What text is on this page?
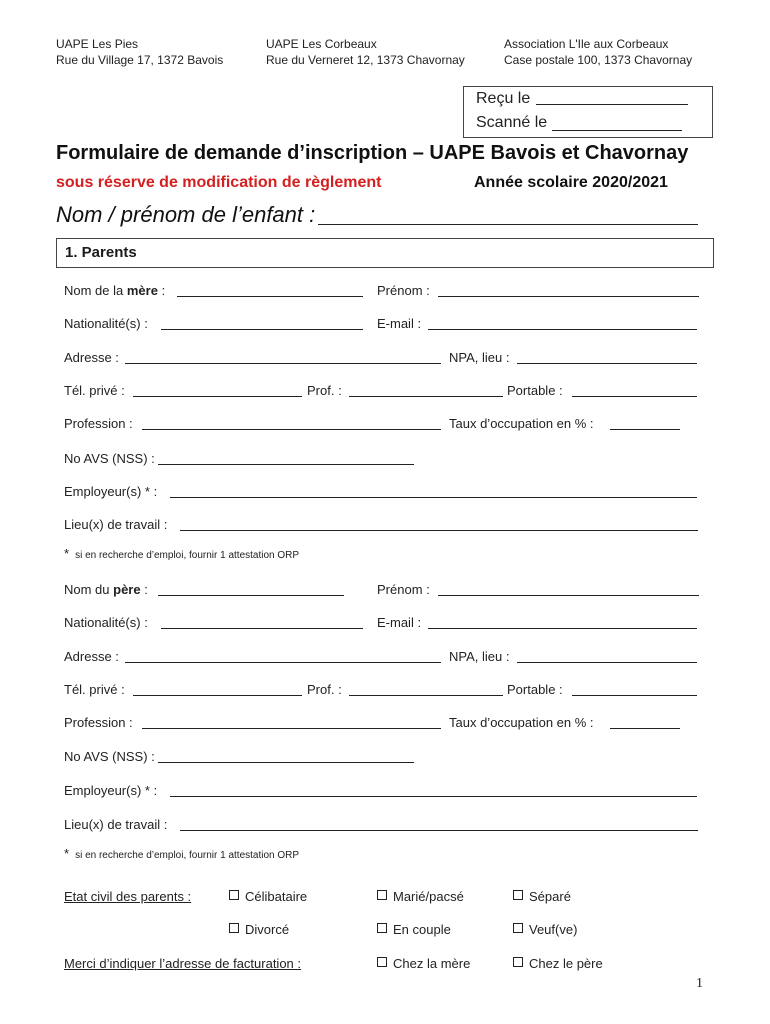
UAPE Les Pies
Rue du Village 17, 1372 Bavois
UAPE Les Corbeaux
Rue du Verneret 12, 1373 Chavornay
Association L'Ile aux Corbeaux
Case postale 100, 1373 Chavornay
Reçu le
Scanné le
Formulaire de demande d’inscription – UAPE Bavois et Chavornay
sous réserve de modification de règlement	Année scolaire 2020/2021
Nom / prénom de l’enfant :
1. Parents
Nom de la mère :	Prénom :
Nationalité(s) :	E-mail :
Adresse :	NPA, lieu :
Tél. privé :	Prof. :	Portable :
Profession :	Taux d’occupation en % :
No AVS (NSS) :
Employeur(s) * :
Lieu(x) de travail :
* si en recherche d’emploi, fournir 1 attestation ORP
Nom du père :	Prénom :
Nationalité(s) :	E-mail :
Adresse :	NPA, lieu :
Tél. privé :	Prof. :	Portable :
Profession :	Taux d’occupation en % :
No AVS (NSS) :
Employeur(s) * :
Lieu(x) de travail :
* si en recherche d’emploi, fournir 1 attestation ORP
Etat civil des parents :	Célibataire	Marié/pacsé	Séparé
Divorcé	En couple	Veuf(ve)
Merci d’indiquer l’adresse de facturation :	Chez la mère	Chez le père
1
